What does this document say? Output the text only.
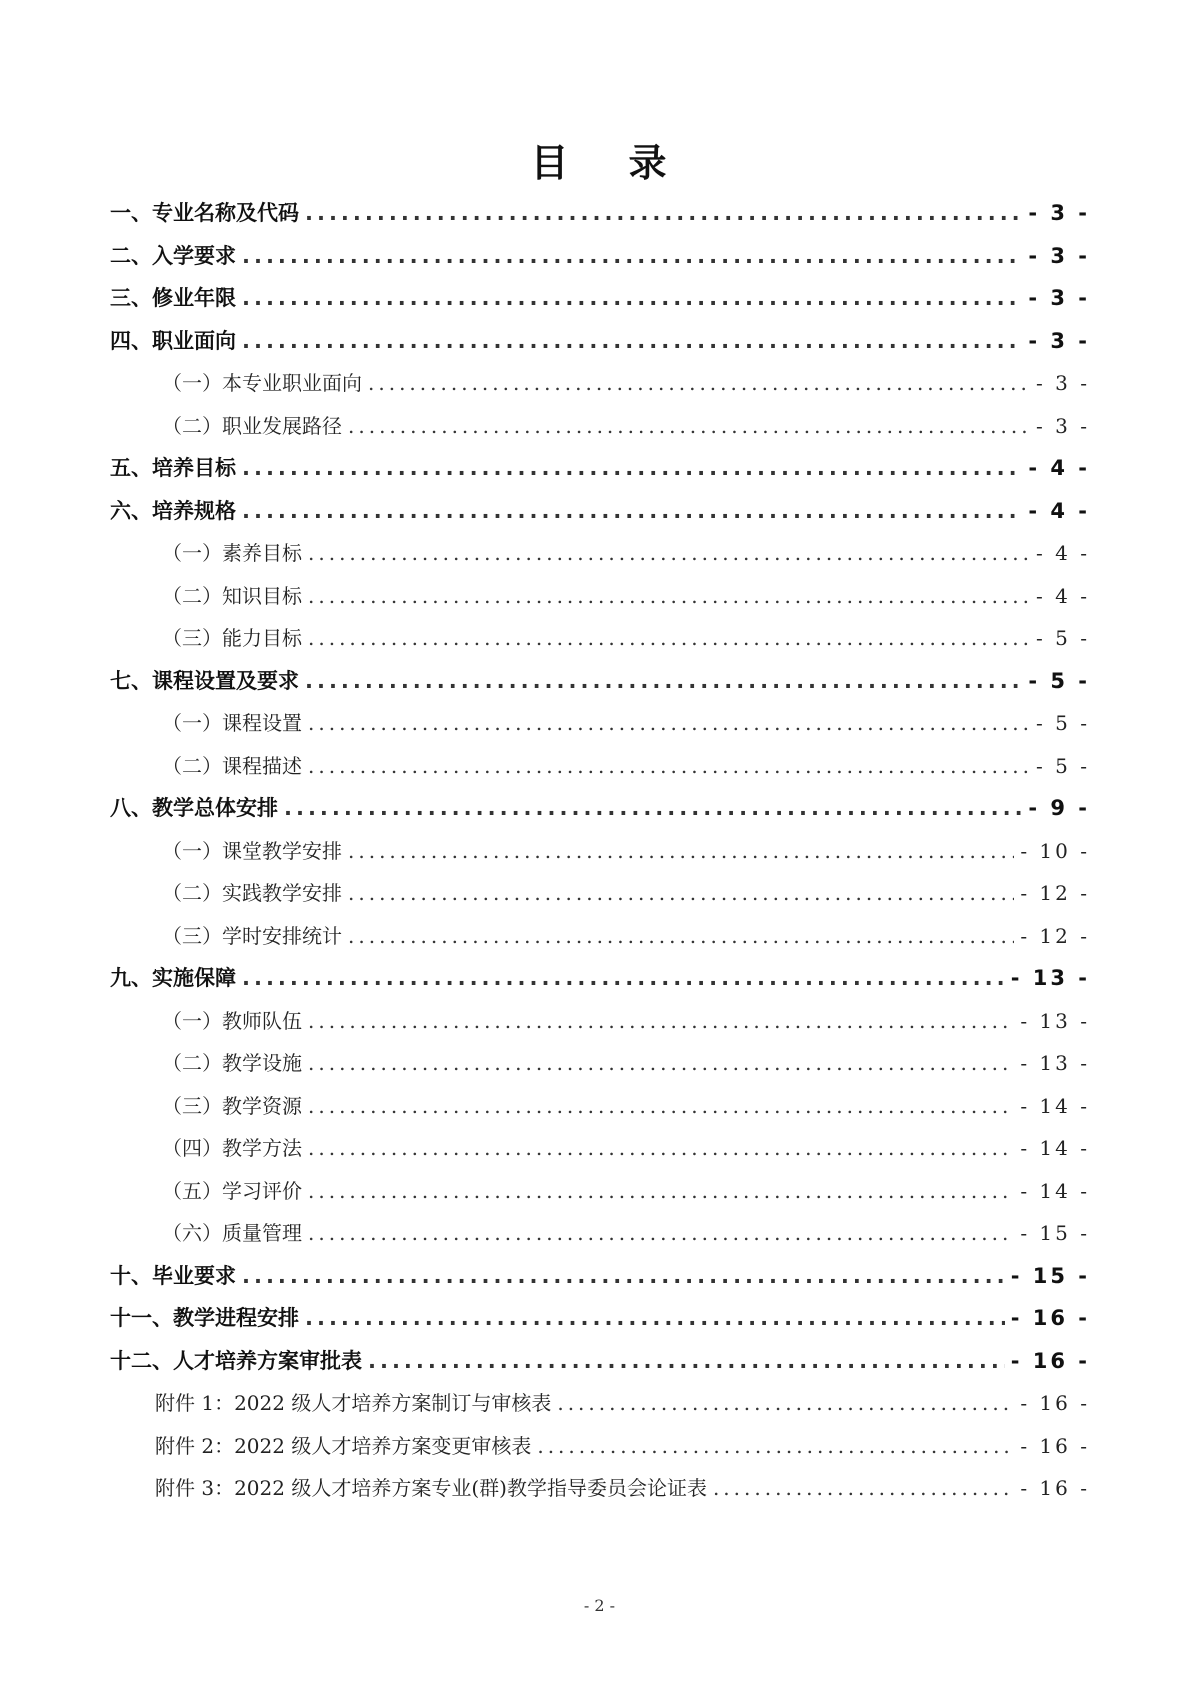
目 录
一、专业名称及代码 .....	- 3 -
二、入学要求 .....	- 3 -
三、修业年限 .....	- 3 -
四、职业面向 .....	- 3 -
（一）本专业职业面向 .....	- 3 -
（二）职业发展路径 .....	- 3 -
五、培养目标 .....	- 4 -
六、培养规格 .....	- 4 -
（一）素养目标 .....	- 4 -
（二）知识目标 .....	- 4 -
（三）能力目标 .....	- 5 -
七、课程设置及要求 .....	- 5 -
（一）课程设置 .....	- 5 -
（二）课程描述 .....	- 5 -
八、教学总体安排 .....	- 9 -
（一）课堂教学安排 .....	- 10 -
（二）实践教学安排 .....	- 12 -
（三）学时安排统计 .....	- 12 -
九、实施保障 .....	- 13 -
（一）教师队伍 .....	- 13 -
（二）教学设施 .....	- 13 -
（三）教学资源 .....	- 14 -
（四）教学方法 .....	- 14 -
（五）学习评价 .....	- 14 -
（六）质量管理 .....	- 15 -
十、毕业要求 .....	- 15 -
十一、教学进程安排 .....	- 16 -
十二、人才培养方案审批表 .....	- 16 -
附件 1：2022 级人才培养方案制订与审核表 .....	- 16 -
附件 2：2022 级人才培养方案变更审核表 .....	- 16 -
附件 3：2022 级人才培养方案专业(群)教学指导委员会论证表 .....	- 16 -
- 2 -
